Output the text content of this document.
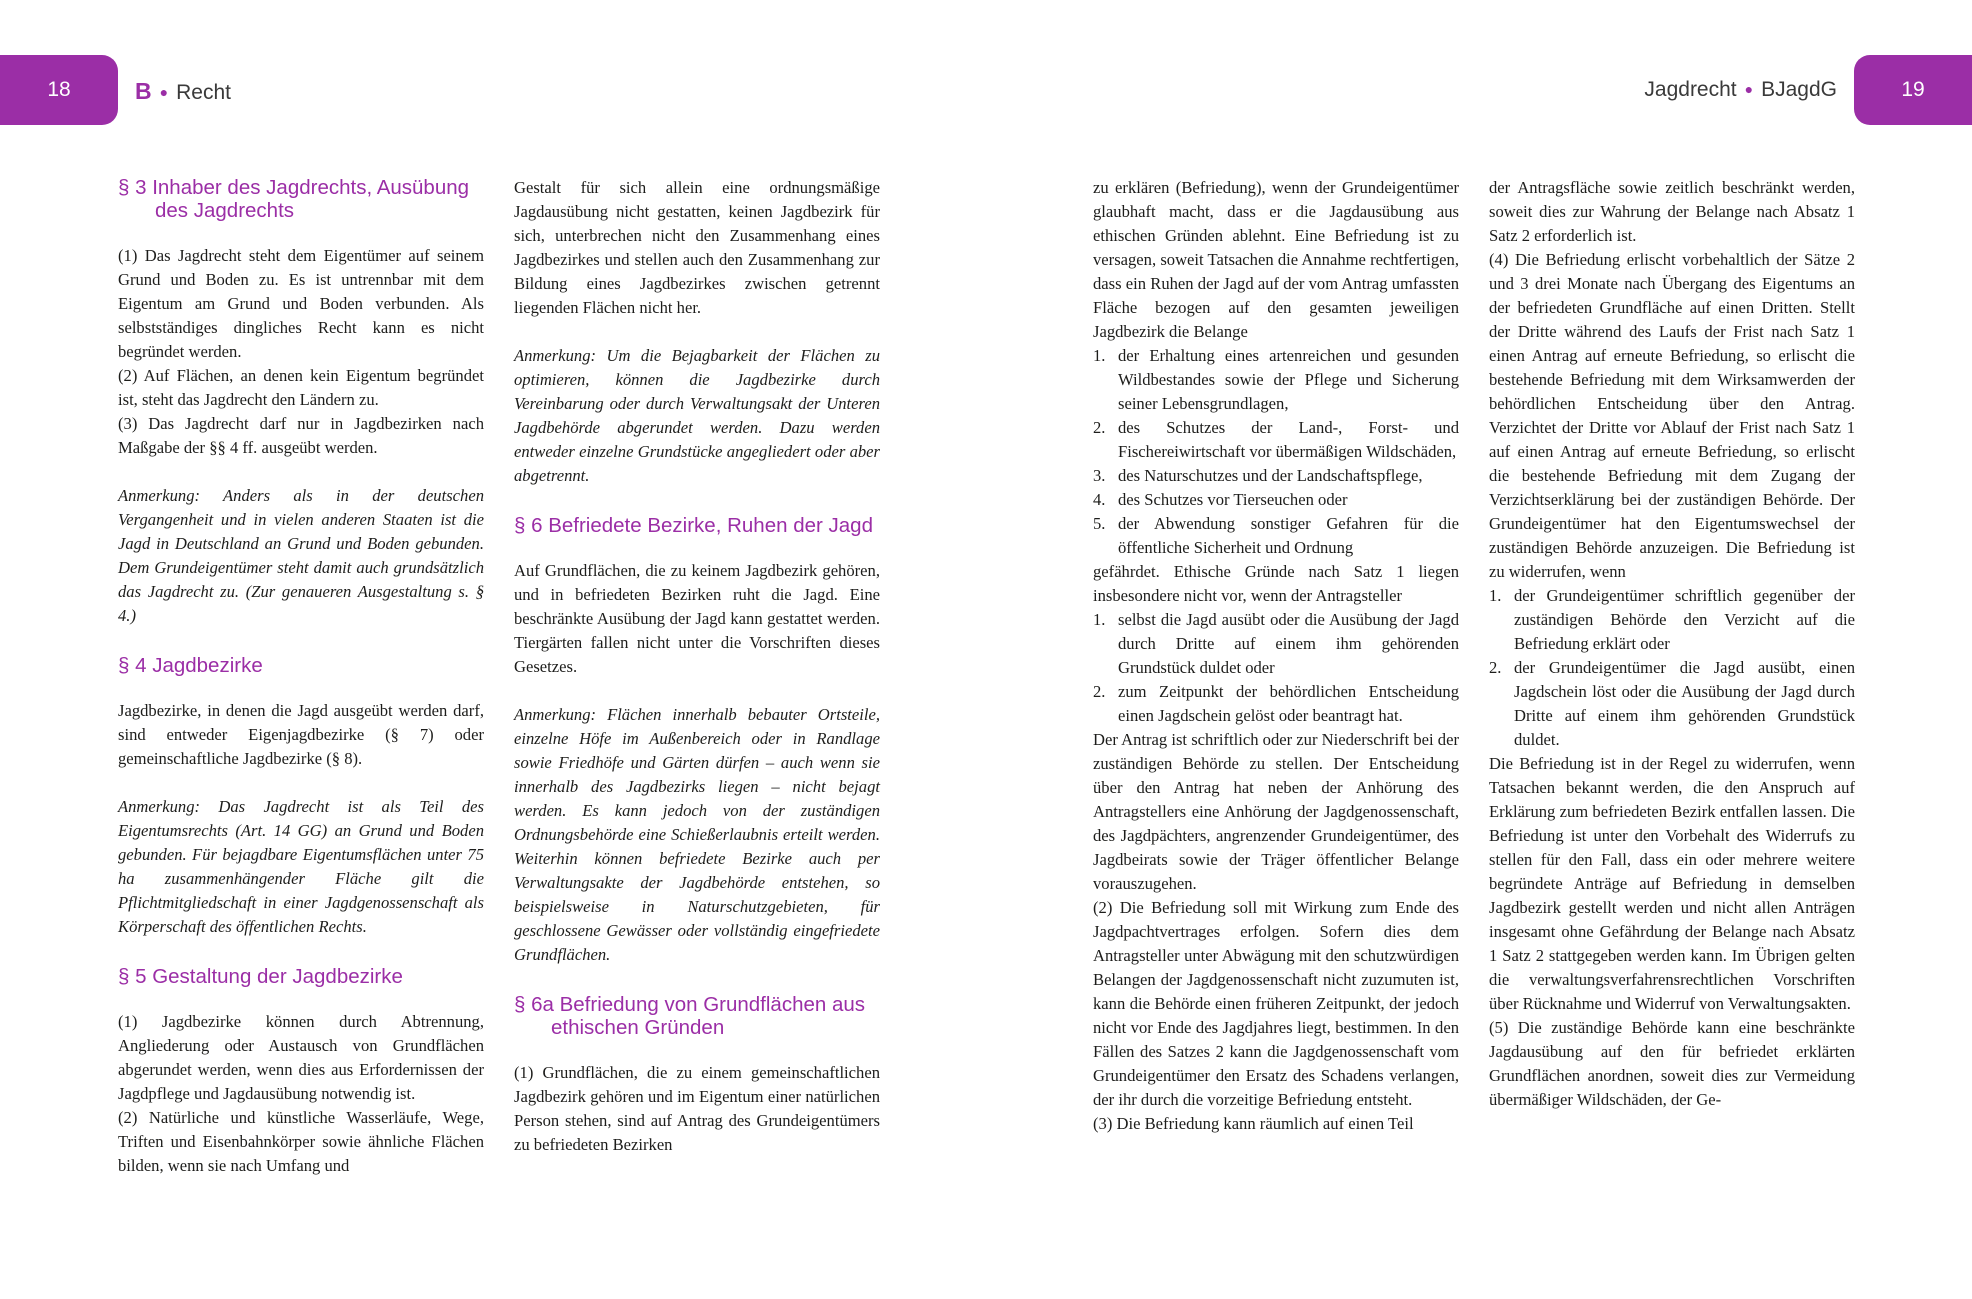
18	B ● Recht	Jagdrecht ● BJagdG	19
§ 3 Inhaber des Jagdrechts, Ausübung des Jagdrechts

(1) Das Jagdrecht steht dem Eigentümer auf seinem Grund und Boden zu. Es ist untrennbar mit dem Eigentum am Grund und Boden verbunden. Als selbstständiges dingliches Recht kann es nicht begründet werden.

(2) Auf Flächen, an denen kein Eigentum begründet ist, steht das Jagdrecht den Ländern zu.

(3) Das Jagdrecht darf nur in Jagdbezirken nach Maßgabe der §§ 4 ff. ausgeübt werden.

Anmerkung: Anders als in der deutschen Vergangenheit und in vielen anderen Staaten ist die Jagd in Deutschland an Grund und Boden gebunden. Dem Grundeigentümer steht damit auch grundsätzlich das Jagdrecht zu. (Zur genaueren Ausgestaltung s. § 4.)

§ 4 Jagdbezirke

Jagdbezirke, in denen die Jagd ausgeübt werden darf, sind entweder Eigenjagdbezirke (§ 7) oder gemeinschaftliche Jagdbezirke (§ 8).

Anmerkung: Das Jagdrecht ist als Teil des Eigentumsrechts (Art. 14 GG) an Grund und Boden gebunden. Für bejagdbare Eigentumsflächen unter 75 ha zusammenhängender Fläche gilt die Pflichtmitgliedschaft in einer Jagdgenossenschaft als Körperschaft des öffentlichen Rechts.

§ 5 Gestaltung der Jagdbezirke

(1) Jagdbezirke können durch Abtrennung, Angliederung oder Austausch von Grundflächen abgerundet werden, wenn dies aus Erfordernissen der Jagdpflege und Jagdausübung notwendig ist.

(2) Natürliche und künstliche Wasserläufe, Wege, Triften und Eisenbahnkörper sowie ähnliche Flächen bilden, wenn sie nach Umfang und

Gestalt für sich allein eine ordnungsmäßige Jagdausübung nicht gestatten, keinen Jagdbezirk für sich, unterbrechen nicht den Zusammenhang eines Jagdbezirkes und stellen auch den Zusammenhang zur Bildung eines Jagdbezirkes zwischen getrennt liegenden Flächen nicht her.

Anmerkung: Um die Bejagbarkeit der Flächen zu optimieren, können die Jagdbezirke durch Vereinbarung oder durch Verwaltungsakt der Unteren Jagdbehörde abgerundet werden. Dazu werden entweder einzelne Grundstücke angegliedert oder aber abgetrennt.

§ 6 Befriedete Bezirke, Ruhen der Jagd

Auf Grundflächen, die zu keinem Jagdbezirk gehören, und in befriedeten Bezirken ruht die Jagd. Eine beschränkte Ausübung der Jagd kann gestattet werden. Tiergärten fallen nicht unter die Vorschriften dieses Gesetzes.

Anmerkung: Flächen innerhalb bebauter Ortsteile, einzelne Höfe im Außenbereich oder in Randlage sowie Friedhöfe und Gärten dürfen – auch wenn sie innerhalb des Jagdbezirks liegen – nicht bejagt werden. Es kann jedoch von der zuständigen Ordnungsbehörde eine Schießerlaubnis erteilt werden. Weiterhin können befriedete Bezirke auch per Verwaltungsakte der Jagdbehörde entstehen, so beispielsweise in Naturschutzgebieten, für geschlossene Gewässer oder vollständig eingefriedete Grundflächen.

§ 6a Befriedung von Grundflächen aus ethischen Gründen

(1) Grundflächen, die zu einem gemeinschaftlichen Jagdbezirk gehören und im Eigentum einer natürlichen Person stehen, sind auf Antrag des Grundeigentümers zu befriedeten Bezirken

zu erklären (Befriedung), wenn der Grundeigentümer glaubhaft macht, dass er die Jagdausübung aus ethischen Gründen ablehnt. Eine Befriedung ist zu versagen, soweit Tatsachen die Annahme rechtfertigen, dass ein Ruhen der Jagd auf der vom Antrag umfassten Fläche bezogen auf den gesamten jeweiligen Jagdbezirk die Belange

1. der Erhaltung eines artenreichen und gesunden Wildbestandes sowie der Pflege und Sicherung seiner Lebensgrundlagen,
2. des Schutzes der Land-, Forst- und Fischereiwirtschaft vor übermäßigen Wildschäden,
3. des Naturschutzes und der Landschaftspflege,
4. des Schutzes vor Tierseuchen oder
5. der Abwendung sonstiger Gefahren für die öffentliche Sicherheit und Ordnung

gefährdet. Ethische Gründe nach Satz 1 liegen insbesondere nicht vor, wenn der Antragsteller

1. selbst die Jagd ausübt oder die Ausübung der Jagd durch Dritte auf einem ihm gehörenden Grundstück duldet oder
2. zum Zeitpunkt der behördlichen Entscheidung einen Jagdschein gelöst oder beantragt hat.

Der Antrag ist schriftlich oder zur Niederschrift bei der zuständigen Behörde zu stellen. Der Entscheidung über den Antrag hat neben der Anhörung des Antragstellers eine Anhörung der Jagdgenossenschaft, des Jagdpächters, angrenzender Grundeigentümer, des Jagdbeirats sowie der Träger öffentlicher Belange vorauszugehen.

(2) Die Befriedung soll mit Wirkung zum Ende des Jagdpachtvertrages erfolgen. Sofern dies dem Antragsteller unter Abwägung mit den schutzwürdigen Belangen der Jagdgenossenschaft nicht zuzumuten ist, kann die Behörde einen früheren Zeitpunkt, der jedoch nicht vor Ende des Jagdjahres liegt, bestimmen. In den Fällen des Satzes 2 kann die Jagdgenossenschaft vom Grundeigentümer den Ersatz des Schadens verlangen, der ihr durch die vorzeitige Befriedung entsteht.

(3) Die Befriedung kann räumlich auf einen Teil

der Antragsfläche sowie zeitlich beschränkt werden, soweit dies zur Wahrung der Belange nach Absatz 1 Satz 2 erforderlich ist.

(4) Die Befriedung erlischt vorbehaltlich der Sätze 2 und 3 drei Monate nach Übergang des Eigentums an der befriedeten Grundfläche auf einen Dritten. Stellt der Dritte während des Laufs der Frist nach Satz 1 einen Antrag auf erneute Befriedung, so erlischt die bestehende Befriedung mit dem Wirksamwerden der behördlichen Entscheidung über den Antrag. Verzichtet der Dritte vor Ablauf der Frist nach Satz 1 auf einen Antrag auf erneute Befriedung, so erlischt die bestehende Befriedung mit dem Zugang der Verzichtserklärung bei der zuständigen Behörde. Der Grundeigentümer hat den Eigentumswechsel der zuständigen Behörde anzuzeigen. Die Befriedung ist zu widerrufen, wenn

1. der Grundeigentümer schriftlich gegenüber der zuständigen Behörde den Verzicht auf die Befriedung erklärt oder
2. der Grundeigentümer die Jagd ausübt, einen Jagdschein löst oder die Ausübung der Jagd durch Dritte auf einem ihm gehörenden Grundstück duldet.

Die Befriedung ist in der Regel zu widerrufen, wenn Tatsachen bekannt werden, die den Anspruch auf Erklärung zum befriedeten Bezirk entfallen lassen. Die Befriedung ist unter den Vorbehalt des Widerrufs zu stellen für den Fall, dass ein oder mehrere weitere begründete Anträge auf Befriedung in demselben Jagdbezirk gestellt werden und nicht allen Anträgen insgesamt ohne Gefährdung der Belange nach Absatz 1 Satz 2 stattgegeben werden kann. Im Übrigen gelten die verwaltungsverfahrensrechtlichen Vorschriften über Rücknahme und Widerruf von Verwaltungsakten.

(5) Die zuständige Behörde kann eine beschränkte Jagdausübung auf den für befriedet erklärten Grundflächen anordnen, soweit dies zur Vermeidung übermäßiger Wildschäden, der Ge-
